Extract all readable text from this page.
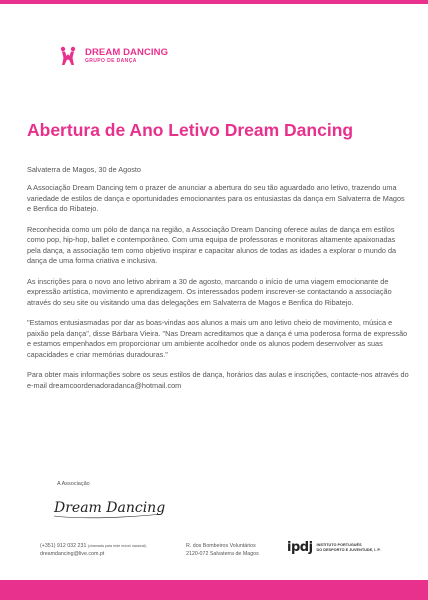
DREAM DANCING
GRUPO DE DANÇA
Abertura de Ano Letivo Dream Dancing
Salvaterra de Magos, 30 de Agosto

A Associação Dream Dancing tem o prazer de anunciar a abertura do seu tão aguardado ano letivo, trazendo uma variedade de estilos de dança e oportunidades emocionantes para os entusiastas da dança em Salvaterra de Magos e Benfica do Ribatejo.

Reconhecida como um pólo de dança na região, a Associação Dream Dancing oferece aulas de dança em estilos como pop, hip-hop, ballet e contemporâneo. Com uma equipa de professoras e monitoras altamente apaixonadas pela dança, a associação tem como objetivo inspirar e capacitar alunos de todas as idades a explorar o mundo da dança de uma forma criativa e inclusiva.

As inscrições para o novo ano letivo abriram a 30 de agosto, marcando o início de uma viagem emocionante de expressão artística, movimento e aprendizagem. Os interessados podem inscrever-se contactando a associação através do seu site ou visitando uma das delegações em Salvaterra de Magos e Benfica do Ribatejo.

"Estamos entusiasmadas por dar as boas-vindas aos alunos a mais um ano letivo cheio de movimento, música e paixão pela dança", disse Bárbara Vieira. "Nas Dream acreditamos que a dança é uma poderosa forma de expressão e estamos empenhados em proporcionar um ambiente acolhedor onde os alunos podem desenvolver as suas capacidades e criar memórias duradouras."

Para obter mais informações sobre os seus estilos de dança, horários das aulas e inscrições, contacte-nos através do e-mail dreamcoordenadoradanca@hotmail.com

A Associação
Dream Dancing
(+351) 912 032 231 (chamada para rede móvel nacional)
dreamdancing@live.com.pt
R. dos Bombeiros Voluntários
2120-072 Salvaterra de Magos ipdj INSTITUTO PORTUGUÊS
DO DESPORTO E JUVENTUDE, I. P.
